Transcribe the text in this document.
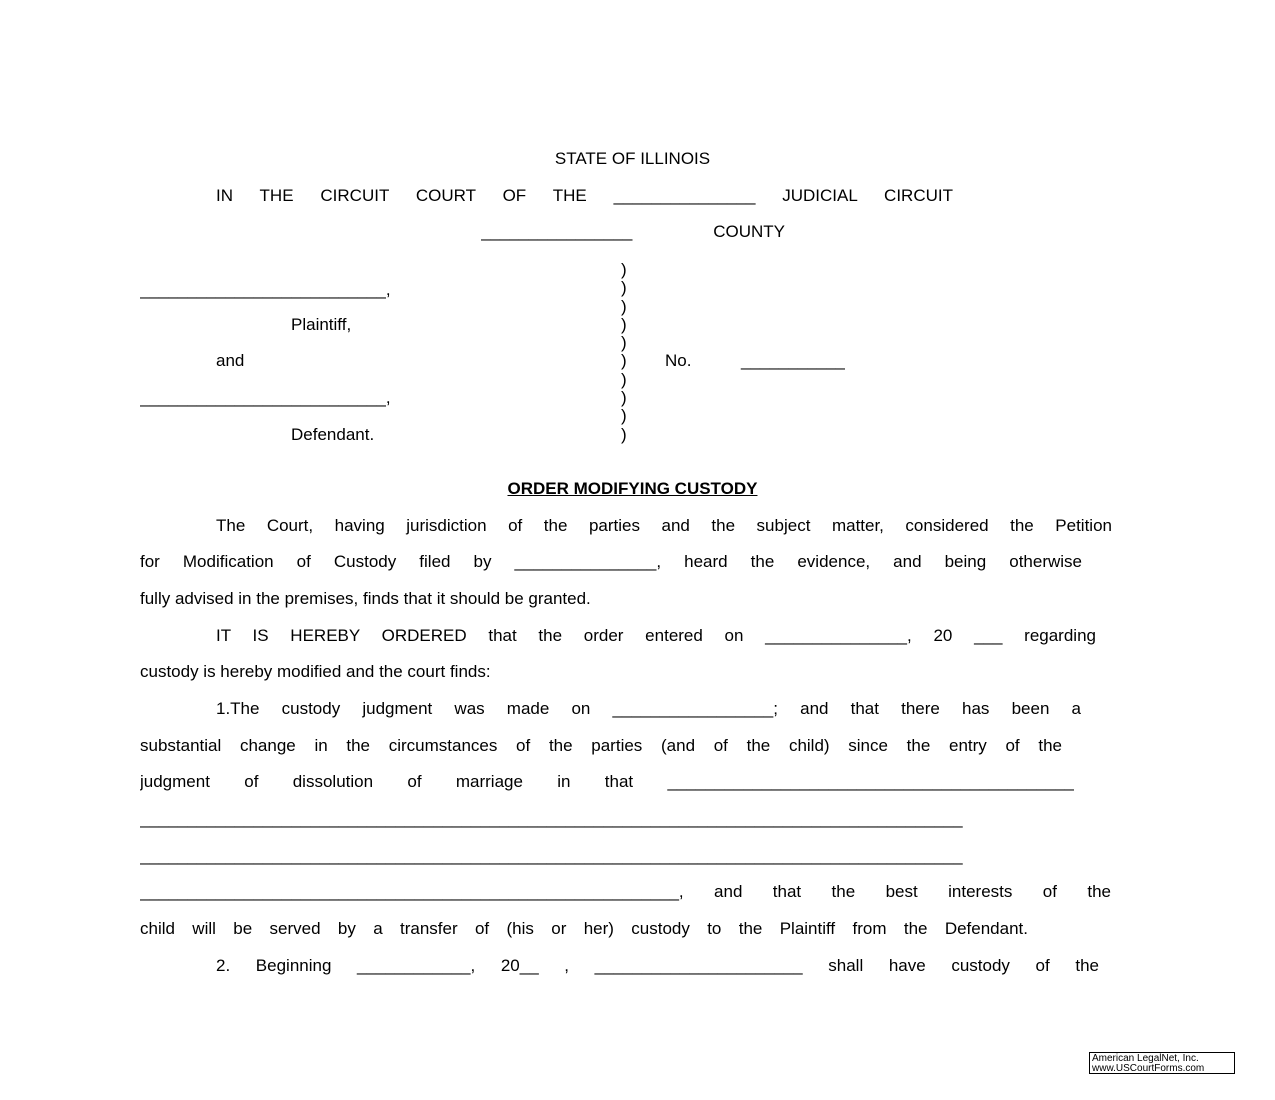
STATE OF ILLINOIS
IN THE CIRCUIT COURT OF THE _______________ JUDICIAL CIRCUIT
________________ COUNTY
__________________________,
Plaintiff,
and
__________________________,
Defendant.
)
)
)
)
)
)
)
)
)
)
No. ___________
ORDER MODIFYING CUSTODY
The Court, having jurisdiction of the parties and the subject matter, considered the Petition
for Modification of Custody filed by _______________, heard the evidence, and being otherwise
fully advised in the premises, finds that it should be granted.
IT IS HEREBY ORDERED that the order entered on _______________, 20 ___ regarding
custody is hereby modified and the court finds:
1.The custody judgment was made on _________________; and that there has been a
substantial change in the circumstances of the parties (and of the child) since the entry of the
judgment of dissolution of marriage in that ___________________________________________
_______________________________________________________________________________________
_______________________________________________________________________________________
_________________________________________________________, and that the best interests of the
child will be served by a transfer of (his or her) custody to the Plaintiff from the Defendant.
2. Beginning ____________, 20__ , ______________________ shall have custody of the
American LegalNet, Inc.
www.USCourtForms.com
